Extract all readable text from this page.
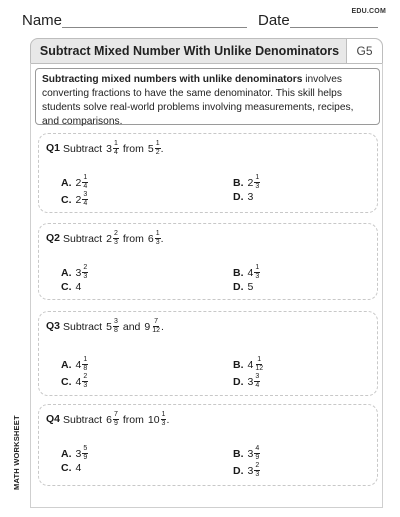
Name	Date
EDU.COM
Subtract Mixed Number With Unlike Denominators	G5
Subtracting mixed numbers with unlike denominators involves converting fractions to have the same denominator. This skill helps students solve real-world problems involving measurements, recipes, and comparisons.
Q1 Subtract $3 \frac{1}{4}$ from $5 \frac{1}{2}$ .
A. $2 \frac{1}{4}$	B. $2 \frac{1}{3}$
C. $2 \frac{3}{4}$	D. 3
Q2 Subtract $2 \frac{2}{3}$ from $6 \frac{1}{3}$ .
A. $3 \frac{2}{3}$	B. $4 \frac{1}{3}$
C. 4	D. 5
Q3 Subtract $5 \frac{3}{8}$ and $9 \frac{7}{12}$ .
A. $4 \frac{1}{8}$	B. $4 \frac{1}{12}$
C. $4 \frac{2}{3}$	D. $3 \frac{3}{4}$
Q4 Subtract $6 \frac{7}{9}$ from $10 \frac{1}{3}$ .
A. $3 \frac{5}{9}$	B. $3 \frac{4}{9}$
C. 4	D. $3 \frac{2}{3}$
MATH WORKSHEET
